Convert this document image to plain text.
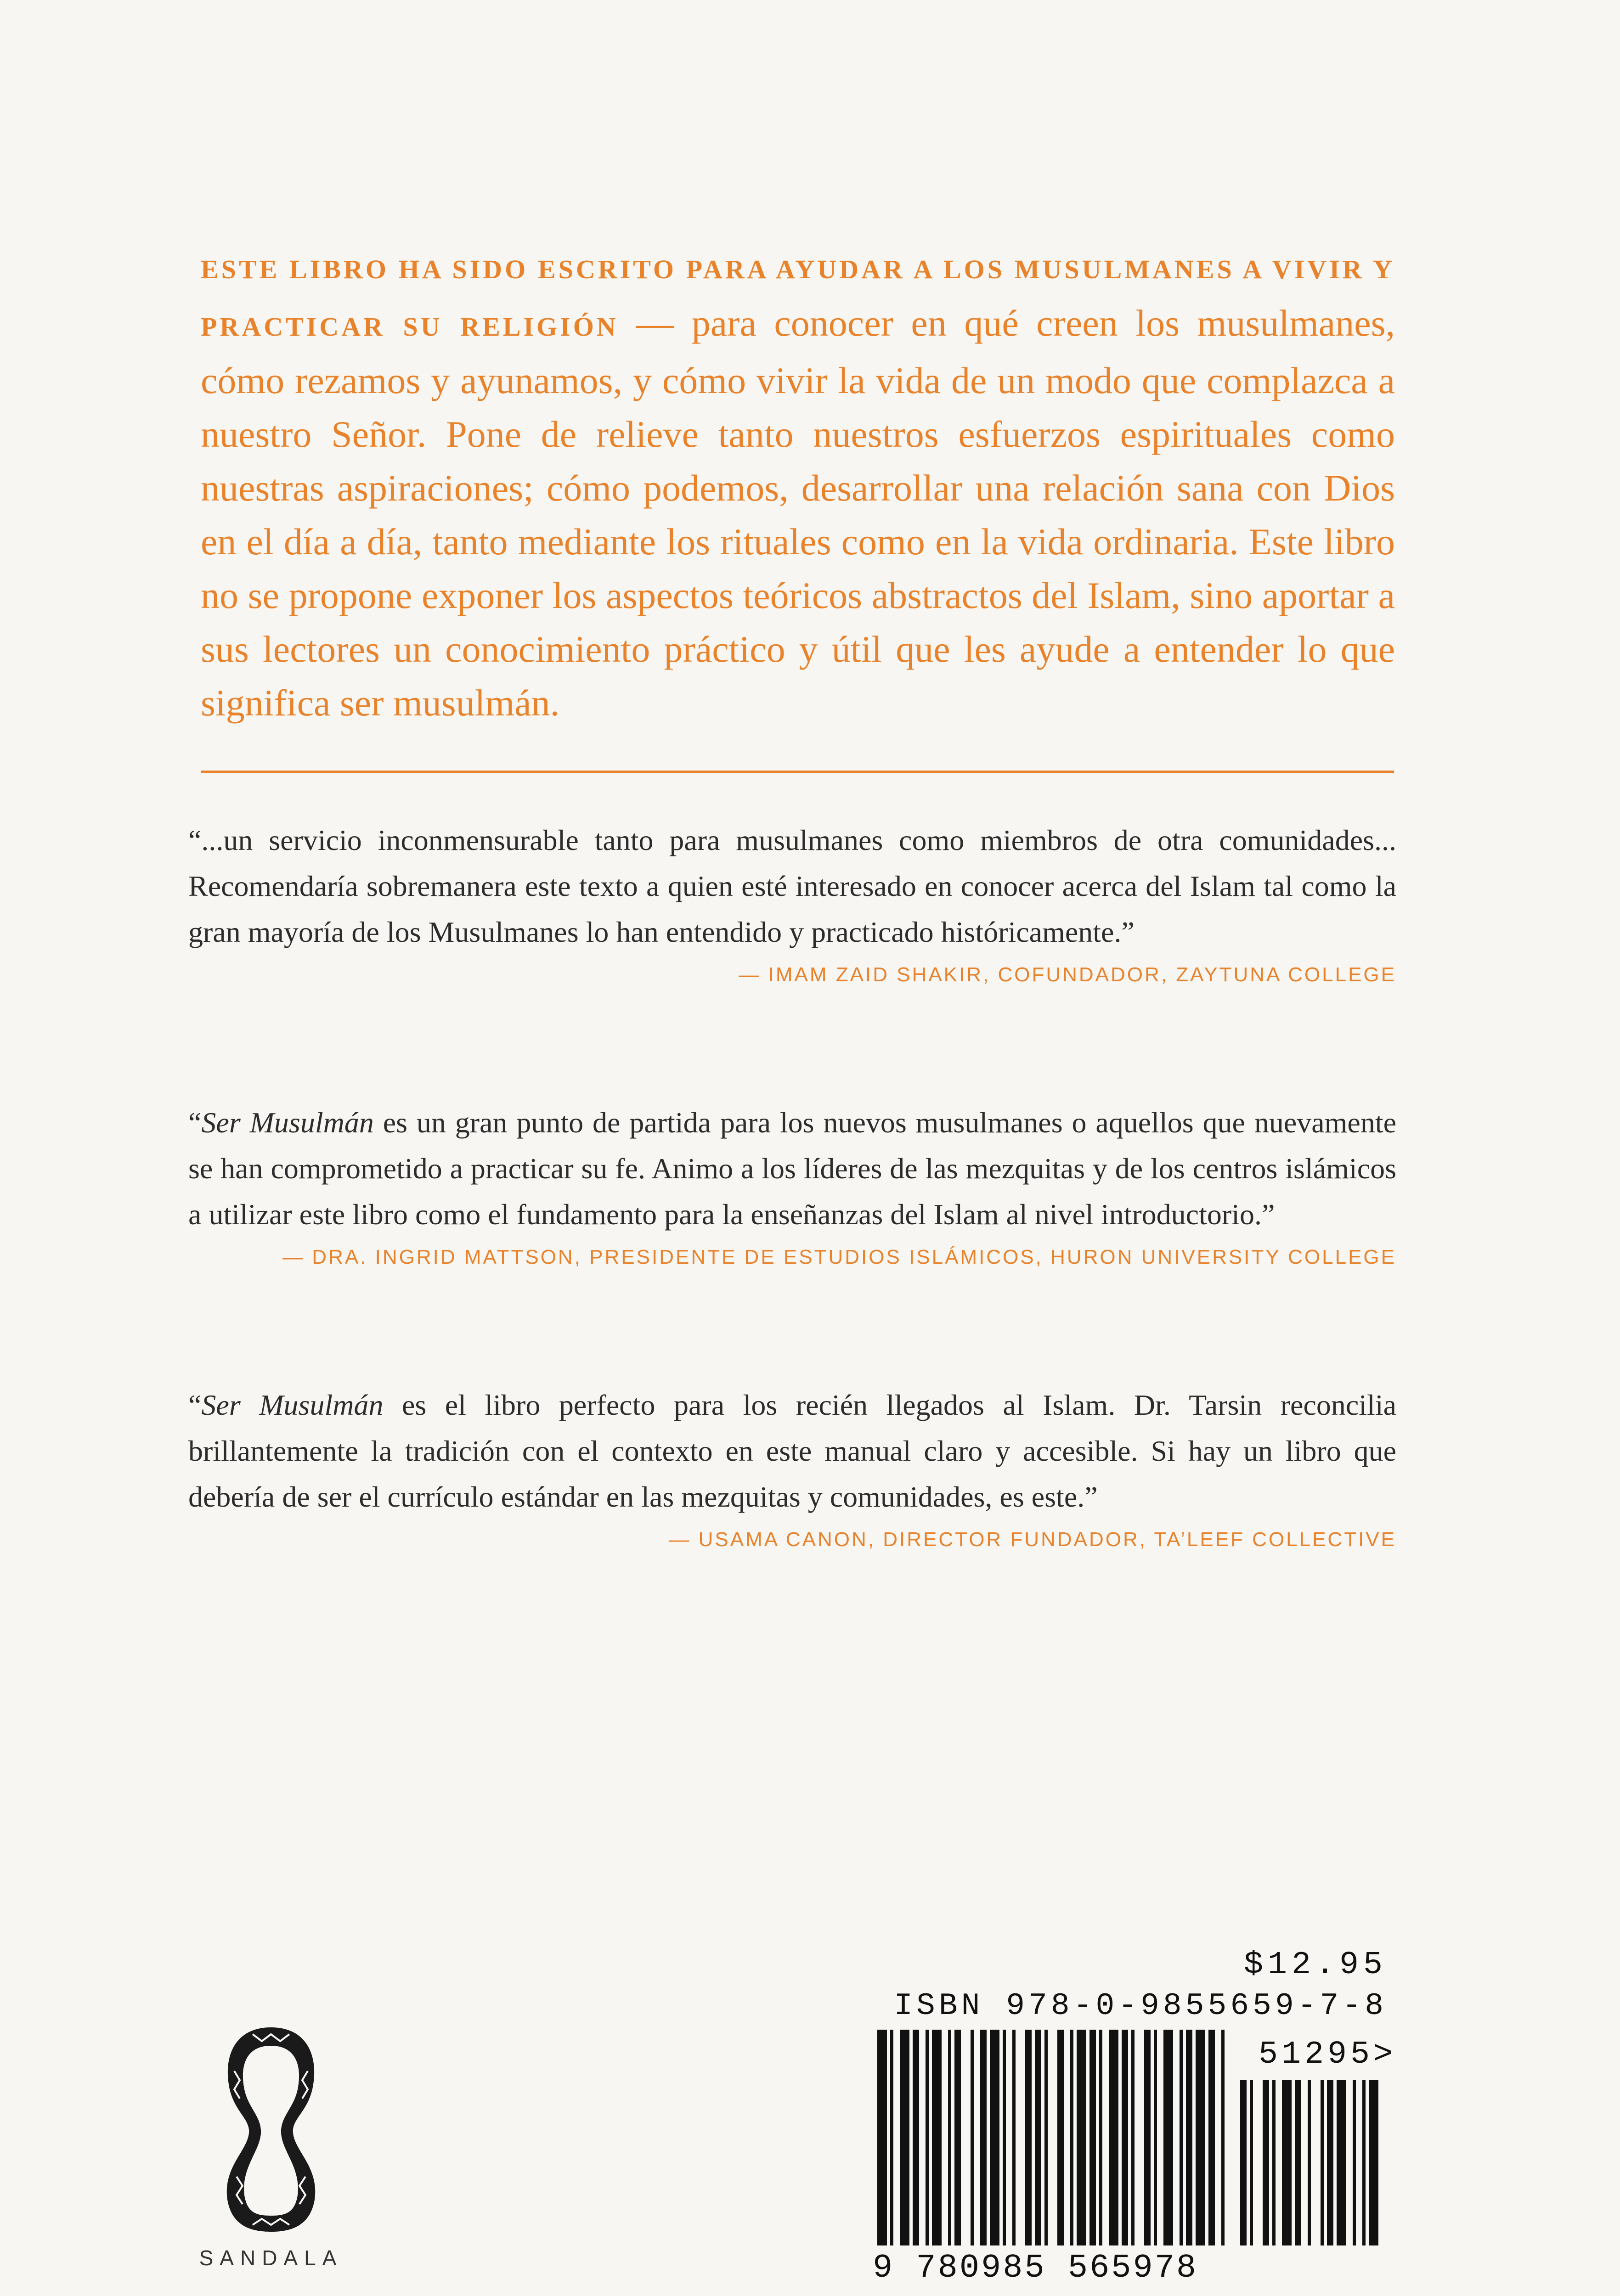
ESTE LIBRO HA SIDO ESCRITO PARA AYUDAR A LOS MUSULMANES A VIVIR Y PRACTICAR SU RELIGIÓN — para conocer en qué creen los musulmanes, cómo rezamos y ayunamos, y cómo vivir la vida de un modo que complazca a nuestro Señor. Pone de relieve tanto nuestros esfuerzos espirituales como nuestras aspiraciones; cómo podemos, desarrollar una relación sana con Dios en el día a día, tanto mediante los rituales como en la vida ordinaria. Este libro no se propone exponer los aspectos teóricos abstractos del Islam, sino aportar a sus lectores un conocimiento práctico y útil que les ayude a entender lo que significa ser musulmán.

“...un servicio inconmensurable tanto para musulmanes como miembros de otra comunidades... Recomendaría sobremanera este texto a quien esté interesado en conocer acerca del Islam tal como la gran mayoría de los Musulmanes lo han entendido y practicado históricamente.”

— IMAM ZAID SHAKIR, COFUNDADOR, ZAYTUNA COLLEGE

“Ser Musulmán es un gran punto de partida para los nuevos musulmanes o aquellos que nuevamente se han comprometido a practicar su fe. Animo a los líderes de las mezquitas y de los centros islámicos a utilizar este libro como el fundamento para la enseñanzas del Islam al nivel introductorio.”

— DRA. INGRID MATTSON, PRESIDENTE DE ESTUDIOS ISLÁMICOS, HURON UNIVERSITY COLLEGE

“Ser Musulmán es el libro perfecto para los recién llegados al Islam. Dr. Tarsin reconcilia brillantemente la tradición con el contexto en este manual claro y accesible. Si hay un libro que debería de ser el currículo estándar en las mezquitas y comunidades, es este.”

— USAMA CANON, DIRECTOR FUNDADOR, TA’LEEF COLLECTIVE

SANDALA
$12.95
ISBN 978-0-9855659-7-8
51295>
9 780985 565978
